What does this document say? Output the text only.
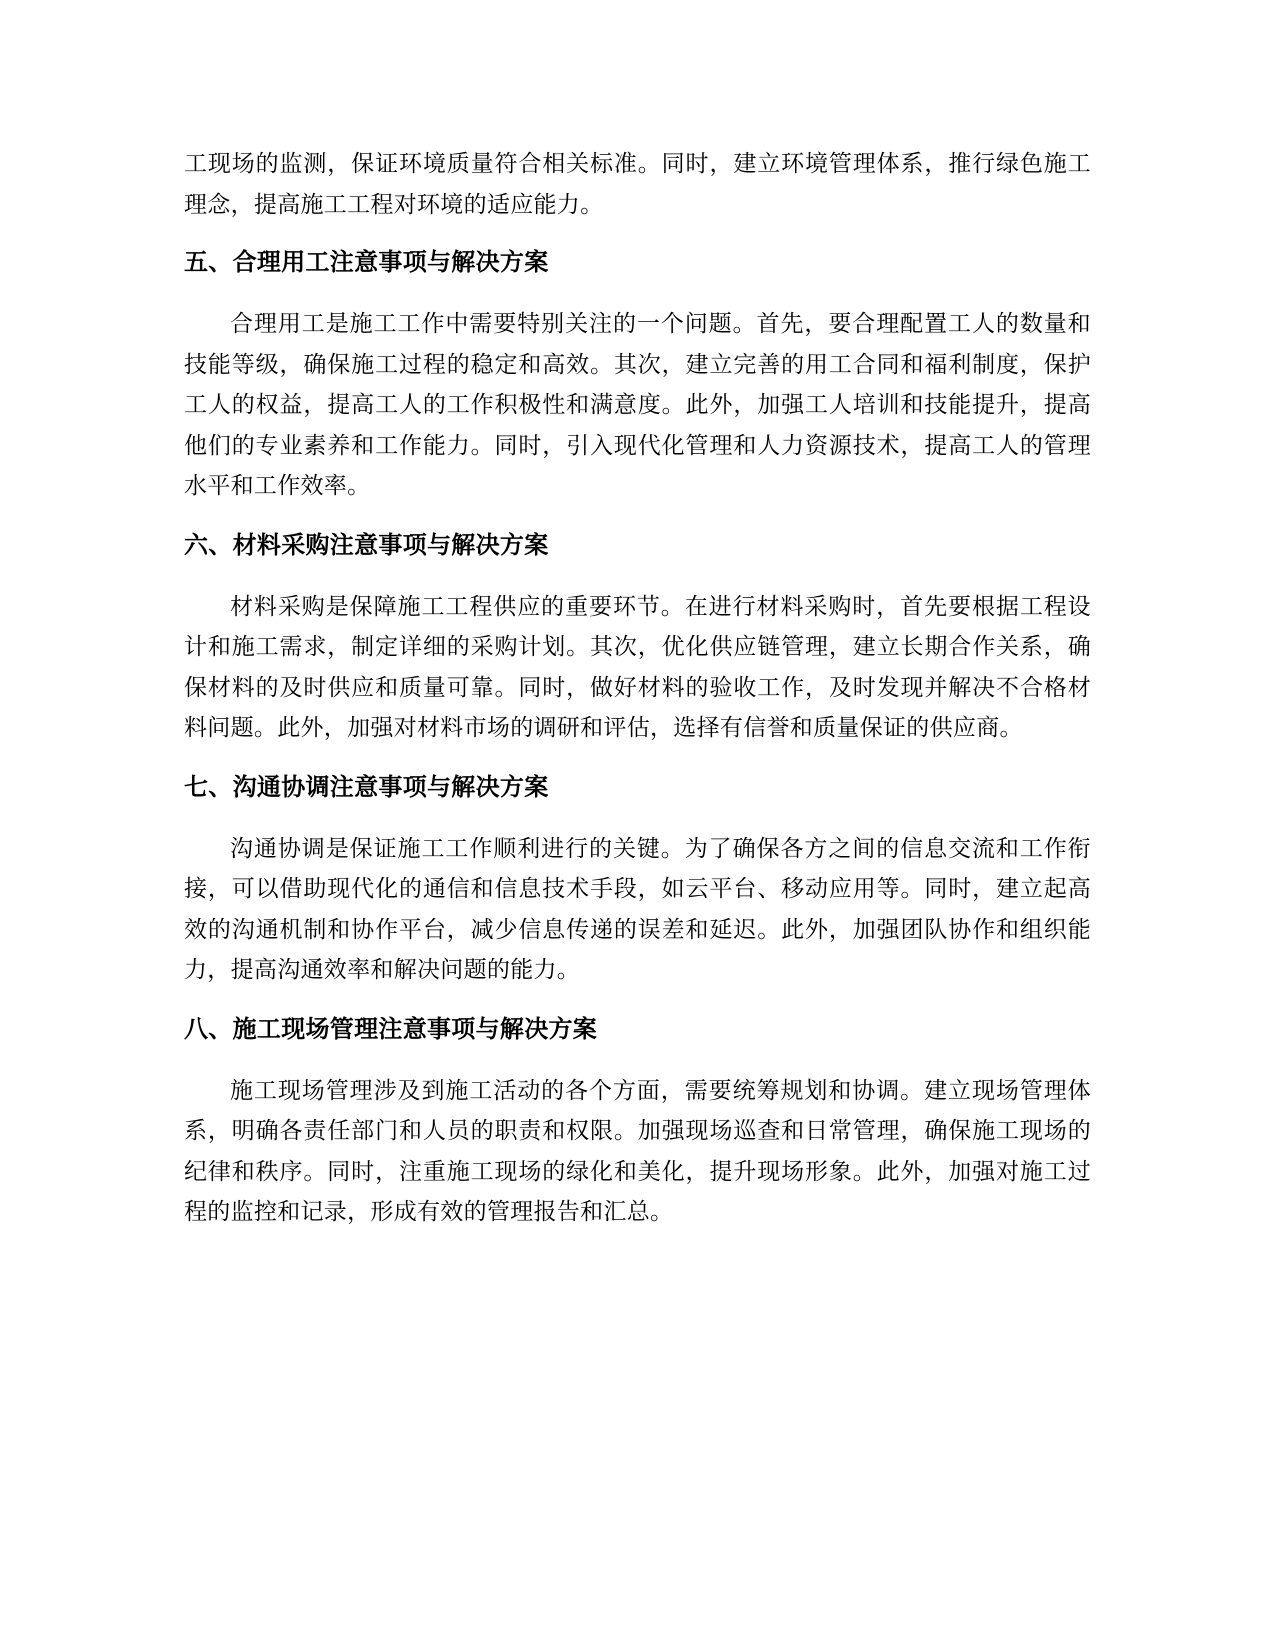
工现场的监测，保证环境质量符合相关标准。同时，建立环境管理体系，推行绿色施工理念，提高施工工程对环境的适应能力。

五、合理用工注意事项与解决方案

合理用工是施工工作中需要特别关注的一个问题。首先，要合理配置工人的数量和技能等级，确保施工过程的稳定和高效。其次，建立完善的用工合同和福利制度，保护工人的权益，提高工人的工作积极性和满意度。此外，加强工人培训和技能提升，提高他们的专业素养和工作能力。同时，引入现代化管理和人力资源技术，提高工人的管理水平和工作效率。

六、材料采购注意事项与解决方案

材料采购是保障施工工程供应的重要环节。在进行材料采购时，首先要根据工程设计和施工需求，制定详细的采购计划。其次，优化供应链管理，建立长期合作关系，确保材料的及时供应和质量可靠。同时，做好材料的验收工作，及时发现并解决不合格材料问题。此外，加强对材料市场的调研和评估，选择有信誉和质量保证的供应商。

七、沟通协调注意事项与解决方案

沟通协调是保证施工工作顺利进行的关键。为了确保各方之间的信息交流和工作衔接，可以借助现代化的通信和信息技术手段，如云平台、移动应用等。同时，建立起高效的沟通机制和协作平台，减少信息传递的误差和延迟。此外，加强团队协作和组织能力，提高沟通效率和解决问题的能力。

八、施工现场管理注意事项与解决方案

施工现场管理涉及到施工活动的各个方面，需要统筹规划和协调。建立现场管理体系，明确各责任部门和人员的职责和权限。加强现场巡查和日常管理，确保施工现场的纪律和秩序。同时，注重施工现场的绿化和美化，提升现场形象。此外，加强对施工过程的监控和记录，形成有效的管理报告和汇总。
